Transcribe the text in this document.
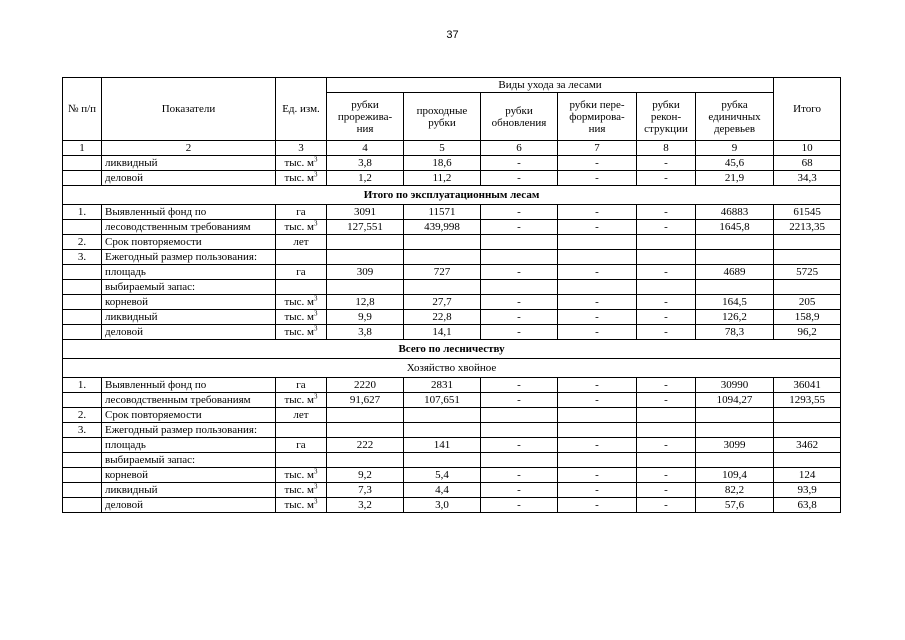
37
№ п/п	Показатели	Ед. изм.	Виды ухода за лесами						Итого
			рубки прорежива-ния	проходные рубки	рубки обновления	рубки пере-формирова-ния	рубки рекон-струкции	рубка единичных деревьев	
1	2	3	4	5	6	7	8	9	10
	ликвидный	тыс. $м^3$	3,8	18,6	-	-	-	45,6	68
	деловой	тыс. $м^3$	1,2	11,2	-	-	-	21,9	34,3
Итого по эксплуатационным лесам									
1.	Выявленный фонд по	га	3091	11571	-	-	-	46883	61545
	лесоводственным требованиям	тыс. $м^3$	127,551	439,998	-	-	-	1645,8	2213,35
2.	Срок повторяемости	лет							
3.	Ежегодный размер пользования:								
	площадь	га	309	727	-	-	-	4689	5725
	выбираемый запас:								
	корневой	тыс. $м^3$	12,8	27,7	-	-	-	164,5	205
	ликвидный	тыс. $м^3$	9,9	22,8	-	-	-	126,2	158,9
	деловой	тыс. $м^3$	3,8	14,1	-	-	-	78,3	96,2
Всего по лесничеству									
Хозяйство хвойное									
1.	Выявленный фонд по	га	2220	2831	-	-	-	30990	36041
	лесоводственным требованиям	тыс. $м^3$	91,627	107,651	-	-	-	1094,27	1293,55
2.	Срок повторяемости	лет							
3.	Ежегодный размер пользования:								
	площадь	га	222	141	-	-	-	3099	3462
	выбираемый запас:								
	корневой	тыс. $м^3$	9,2	5,4	-	-	-	109,4	124
	ликвидный	тыс. $м^3$	7,3	4,4	-	-	-	82,2	93,9
	деловой	тыс. $м^3$	3,2	3,0	-	-	-	57,6	63,8
